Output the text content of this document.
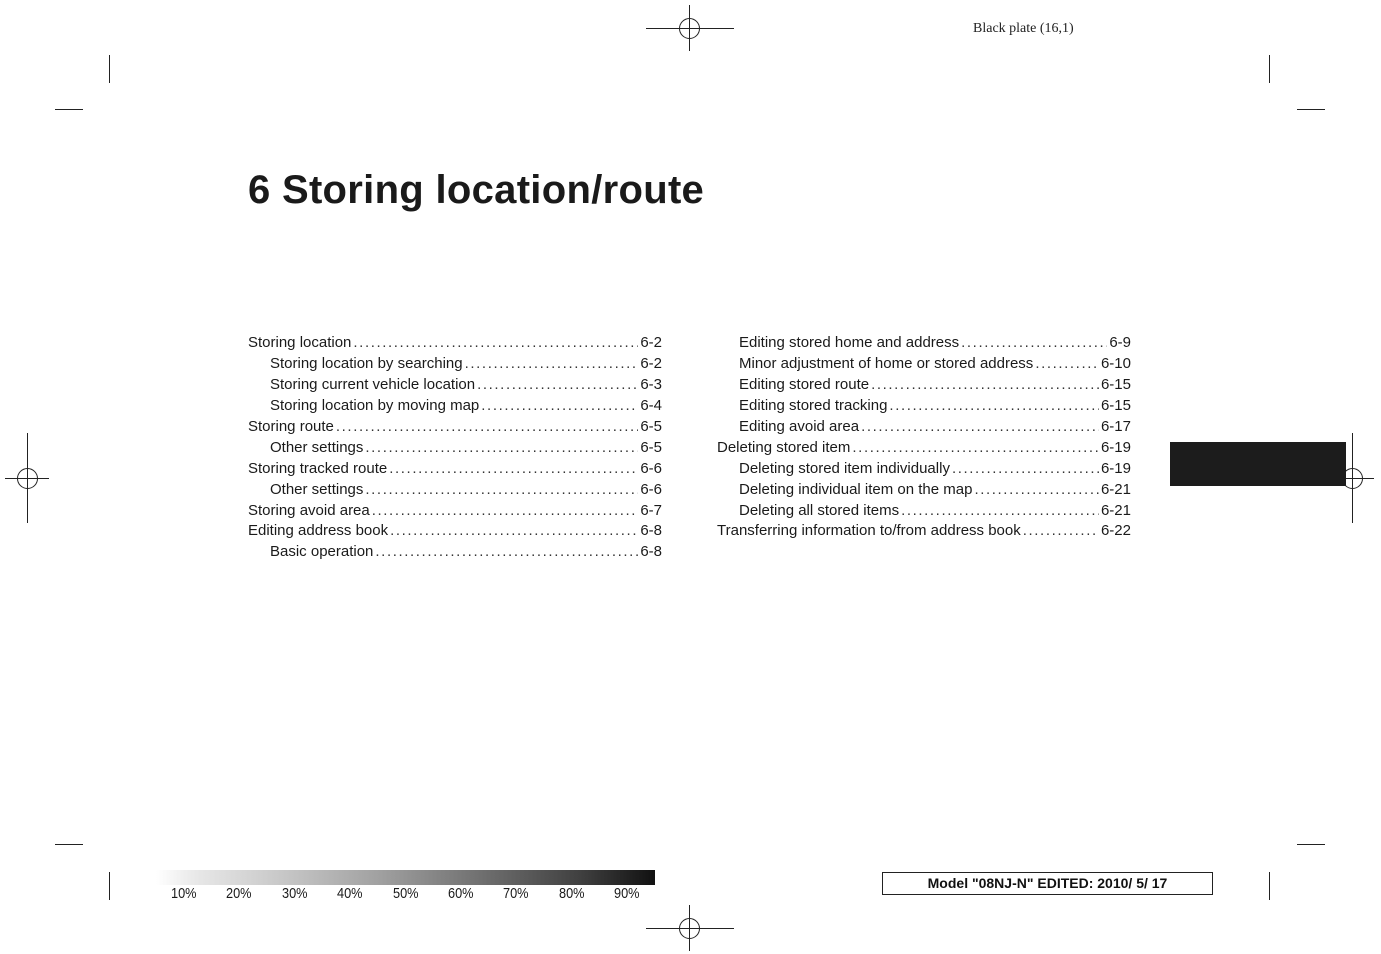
Black plate (16,1)
6 Storing location/route
Storing location .....	6-2
Storing location by searching .....	6-2
Storing current vehicle location .....	6-3
Storing location by moving map .....	6-4
Storing route .....	6-5
Other settings .....	6-5
Storing tracked route .....	6-6
Other settings .....	6-6
Storing avoid area .....	6-7
Editing address book .....	6-8
Basic operation .....	6-8
Editing stored home and address .....	6-9
Minor adjustment of home or stored address .....	6-10
Editing stored route .....	6-15
Editing stored tracking .....	6-15
Editing avoid area .....	6-17
Deleting stored item .....	6-19
Deleting stored item individually .....	6-19
Deleting individual item on the map .....	6-21
Deleting all stored items .....	6-21
Transferring information to/from address book .....	6-22
10% 20% 30% 40% 50% 60% 70% 80% 90%
Model "08NJ-N" EDITED: 2010/ 5/ 17
